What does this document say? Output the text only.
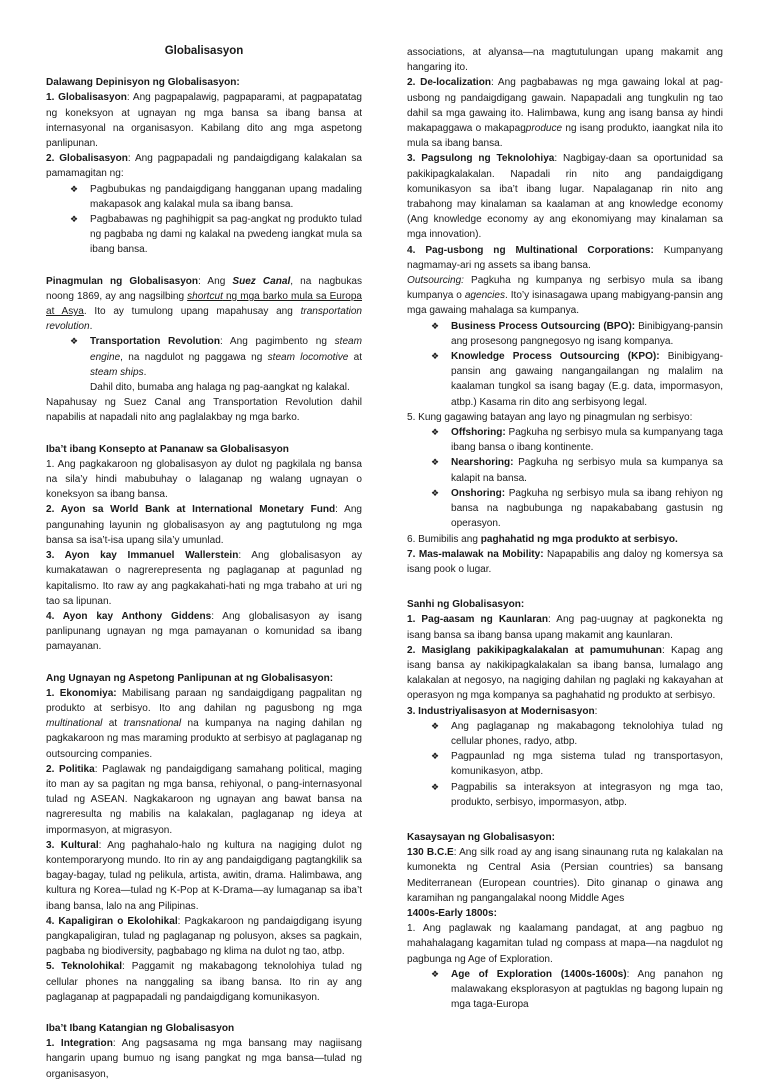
Globalisasyon

Dalawang Depinisyon ng Globalisasyon:

1. Globalisasyon: Ang pagpapalawig, pagpaparami, at pagpapatatag ng koneksyon at ugnayan ng mga bansa sa ibang bansa at internasyonal na organisasyon. Kabilang dito ang mga aspetong panlipunan.

2. Globalisasyon: Ang pagpapadali ng pandaigdigang kalakalan sa pamamagitan ng:

❖ Pagbubukas ng pandaigdigang hangganan upang madaling makapasok ang kalakal mula sa ibang bansa.

❖ Pagbabawas ng paghihigpit sa pag-angkat ng produkto tulad ng pagbaba ng dami ng kalakal na pwedeng iangkat mula sa ibang bansa.

Pinagmulan ng Globalisasyon: Ang Suez Canal, na nagbukas noong 1869, ay ang nagsilbing shortcut ng mga barko mula sa Europa at Asya. Ito ay tumulong upang mapahusay ang transportation revolution.

❖ Transportation Revolution: Ang pagimbento ng steam engine, na nagdulot ng paggawa ng steam locomotive at steam ships.

Dahil dito, bumaba ang halaga ng pag-aangkat ng kalakal.

Napahusay ng Suez Canal ang Transportation Revolution dahil napabilis at napadali nito ang paglalakbay ng mga barko.

Iba’t ibang Konsepto at Pananaw sa Globalisasyon

1. Ang pagkakaroon ng globalisasyon ay dulot ng pagkilala ng bansa na sila’y hindi mabubuhay o lalaganap ng walang ugnayan o koneksyon sa ibang bansa.

2. Ayon sa World Bank at International Monetary Fund: Ang pangunahing layunin ng globalisasyon ay ang pagtutulong ng mga bansa sa isa’t-isa upang sila’y umunlad.

3. Ayon kay Immanuel Wallerstein: Ang globalisasyon ay kumakatawan o nagrerepresenta ng paglaganap at pagunlad ng kapitalismo. Ito raw ay ang pagkakahati-hati ng mga trabaho at uri ng tao sa lipunan.

4. Ayon kay Anthony Giddens: Ang globalisasyon ay isang panlipunang ugnayan ng mga pamayanan o komunidad sa ibang pamayanan.

Ang Ugnayan ng Aspetong Panlipunan at ng Globalisasyon:

1. Ekonomiya: Mabilisang paraan ng sandaigdigang pagpalitan ng produkto at serbisyo. Ito ang dahilan ng pagusbong ng mga multinational at transnational na kumpanya na naging dahilan ng pagkakaroon ng mas maraming produkto at serbisyo at paglaganap ng outsourcing companies.

2. Politika: Paglawak ng pandaigdigang samahang political, maging ito man ay sa pagitan ng mga bansa, rehiyonal, o pang-internasyonal tulad ng ASEAN. Nagkakaroon ng ugnayan ang bawat bansa na nagreresulta ng mabilis na kalakalan, paglaganap ng ideya at impormasyon, at migrasyon.

3. Kultural: Ang paghahalo-halo ng kultura na nagiging dulot ng kontemporaryong mundo. Ito rin ay ang pandaigdigang pagtangkilik sa bagay-bagay, tulad ng pelikula, artista, awitin, drama. Halimbawa, ang kultura ng Korea—tulad ng K-Pop at K-Drama—ay lumaganap sa iba’t ibang bansa, lalo na ang Pilipinas.

4. Kapaligiran o Ekolohikal: Pagkakaroon ng pandaigdigang isyung pangkapaligiran, tulad ng paglaganap ng polusyon, akses sa pagkain, pagbaba ng biodiversity, pagbabago ng klima na dulot ng tao, atbp.

5. Teknolohikal: Paggamit ng makabagong teknolohiya tulad ng cellular phones na nanggaling sa ibang bansa. Ito rin ay ang paglaganap at pagpapadali ng pandaigdigang komunikasyon.

Iba’t Ibang Katangian ng Globalisasyon

1. Integration: Ang pagsasama ng mga bansang may nagiisang hangarin upang bumuo ng isang pangkat ng mga bansa—tulad ng organisasyon,

associations, at alyansa—na magtutulungan upang makamit ang hangaring ito.

2. De-localization: Ang pagbabawas ng mga gawaing lokal at pag-usbong ng pandaigdigang gawain. Napapadali ang tungkulin ng tao dahil sa mga gawaing ito. Halimbawa, kung ang isang bansa ay hindi makapaggawa o makapagproduce ng isang produkto, iaangkat nila ito mula sa ibang bansa.

3. Pagsulong ng Teknolohiya: Nagbigay-daan sa oportunidad sa pakikipagkalakalan. Napadali rin nito ang pandaigdigang komunikasyon sa iba’t ibang lugar. Napalaganap rin nito ang trabahong may kinalaman sa kaalaman at ang knowledge economy (Ang knowledge economy ay ang ekonomiyang may kinalaman sa mga innovation).

4. Pag-usbong ng Multinational Corporations: Kumpanyang nagmamay-ari ng assets sa ibang bansa.

Outsourcing: Pagkuha ng kumpanya ng serbisyo mula sa ibang kumpanya o agencies. Ito’y isinasagawa upang mabigyang-pansin ang mga gawaing mahalaga sa kumpanya.

❖ Business Process Outsourcing (BPO): Binibigyang-pansin ang prosesong pangnegosyo ng isang kompanya.

❖ Knowledge Process Outsourcing (KPO): Binibigyang-pansin ang gawaing nangangailangan ng malalim na kaalaman tungkol sa isang bagay (E.g. data, impormasyon, atbp.) Kasama rin dito ang serbisyong legal.

5. Kung gagawing batayan ang layo ng pinagmulan ng serbisyo:

❖ Offshoring: Pagkuha ng serbisyo mula sa kumpanyang taga ibang bansa o ibang kontinente.

❖ Nearshoring: Pagkuha ng serbisyo mula sa kumpanya sa kalapit na bansa.

❖ Onshoring: Pagkuha ng serbisyo mula sa ibang rehiyon ng bansa na nagbubunga ng napakababang gastusin ng operasyon.

6. Bumibilis ang paghahatid ng mga produkto at serbisyo.

7. Mas-malawak na Mobility: Napapabilis ang daloy ng komersya sa isang pook o lugar.

Sanhi ng Globalisasyon:

1. Pag-aasam ng Kaunlaran: Ang pag-uugnay at pagkonekta ng isang bansa sa ibang bansa upang makamit ang kaunlaran.

2. Masiglang pakikipagkalakalan at pamumuhunan: Kapag ang isang bansa ay nakikipagkalakalan sa ibang bansa, lumalago ang kalakalan at negosyo, na nagiging dahilan ng paglaki ng kakayahan at operasyon ng mga kompanya sa paghahatid ng produkto at serbisyo.

3. Industriyalisasyon at Modernisasyon:

❖ Ang paglaganap ng makabagong teknolohiya tulad ng cellular phones, radyo, atbp.

❖ Pagpaunlad ng mga sistema tulad ng transportasyon, komunikasyon, atbp.

❖ Pagpabilis sa interaksyon at integrasyon ng mga tao, produkto, serbisyo, impormasyon, atbp.

Kasaysayan ng Globalisasyon:

130 B.C.E: Ang silk road ay ang isang sinaunang ruta ng kalakalan na kumonekta ng Central Asia (Persian countries) sa bansang Mediterranean (European countries). Dito ginanap o ginawa ang karamihan ng pangangalakal noong Middle Ages

1400s-Early 1800s:

1. Ang paglawak ng kaalamang pandagat, at ang pagbuo ng mahahalagang kagamitan tulad ng compass at mapa—na nagdulot ng pagbunga ng Age of Exploration.

❖ Age of Exploration (1400s-1600s): Ang panahon ng malawakang eksplorasyon at pagtuklas ng bagong lupain ng mga taga-Europa
